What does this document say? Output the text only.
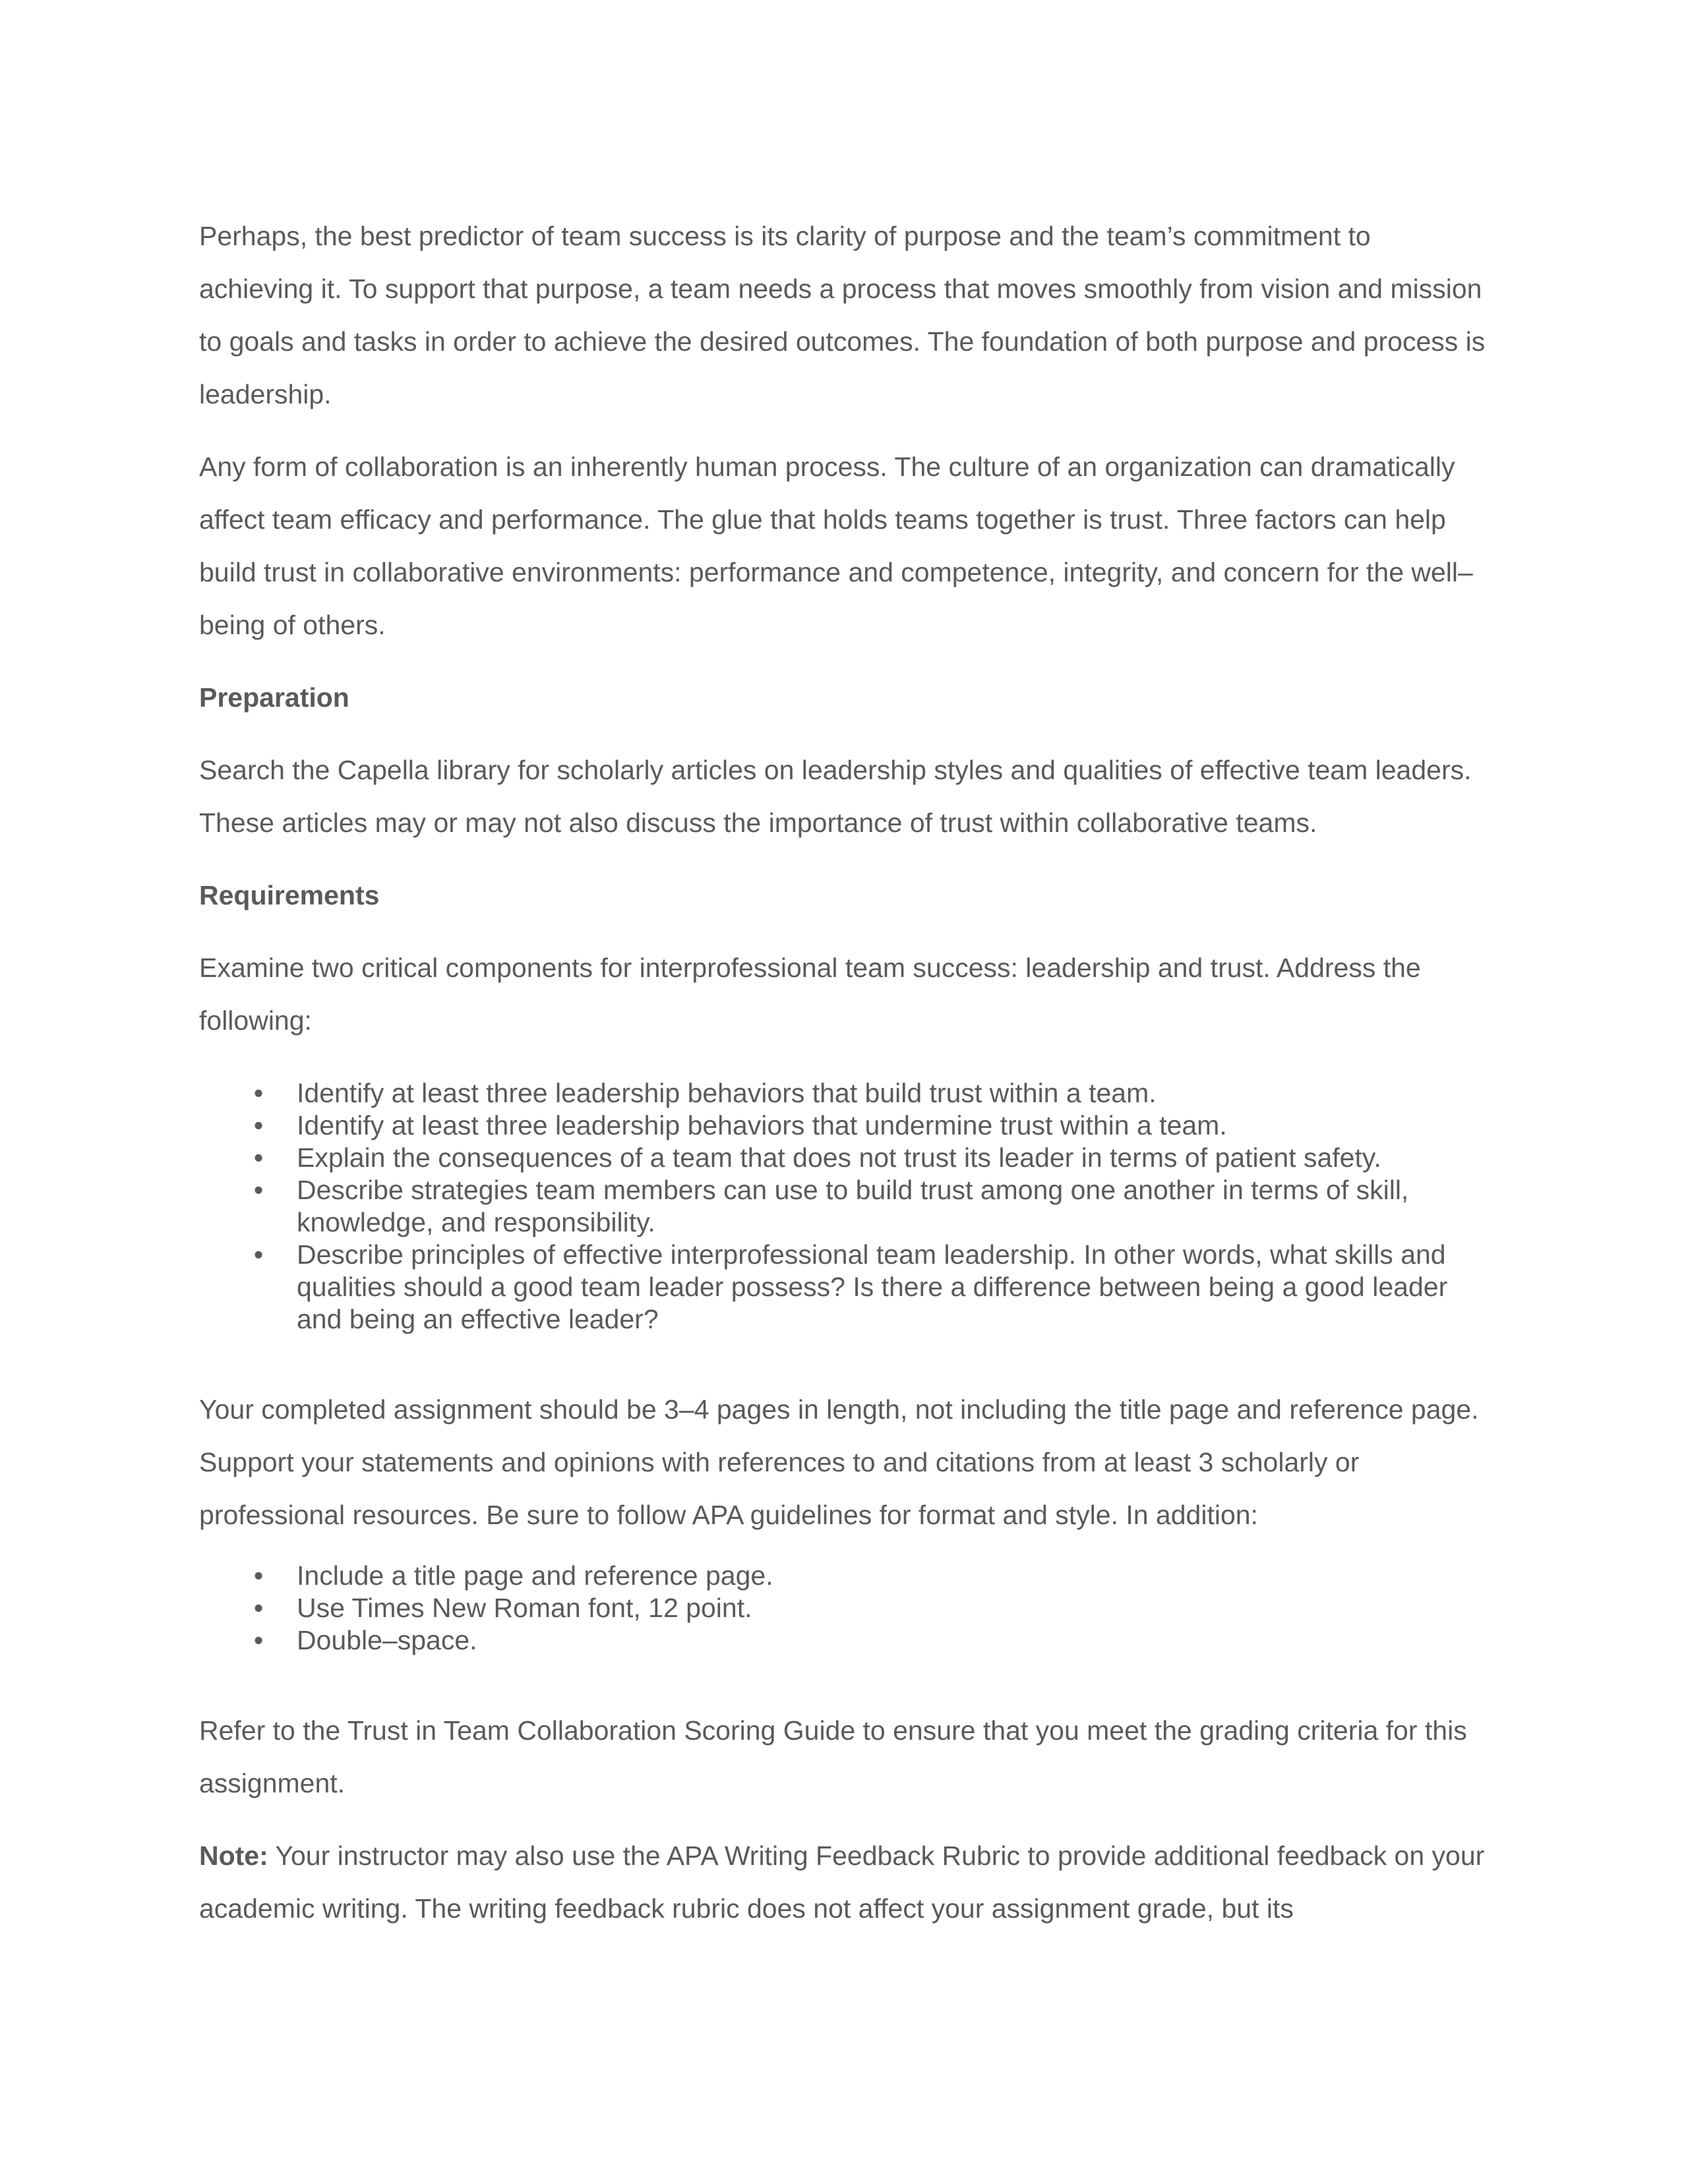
Perhaps, the best predictor of team success is its clarity of purpose and the team’s commitment to achieving it. To support that purpose, a team needs a process that moves smoothly from vision and mission to goals and tasks in order to achieve the desired outcomes. The foundation of both purpose and process is leadership.

Any form of collaboration is an inherently human process. The culture of an organization can dramatically affect team efficacy and performance. The glue that holds teams together is trust. Three factors can help build trust in collaborative environments: performance and competence, integrity, and concern for the well–being of others.

Preparation

Search the Capella library for scholarly articles on leadership styles and qualities of effective team leaders. These articles may or may not also discuss the importance of trust within collaborative teams.

Requirements

Examine two critical components for interprofessional team success: leadership and trust. Address the following:

•	Identify at least three leadership behaviors that build trust within a team.
•	Identify at least three leadership behaviors that undermine trust within a team.
•	Explain the consequences of a team that does not trust its leader in terms of patient safety.
•	Describe strategies team members can use to build trust among one another in terms of skill, knowledge, and responsibility.
•	Describe principles of effective interprofessional team leadership. In other words, what skills and qualities should a good team leader possess? Is there a difference between being a good leader and being an effective leader?

Your completed assignment should be 3–4 pages in length, not including the title page and reference page. Support your statements and opinions with references to and citations from at least 3 scholarly or professional resources. Be sure to follow APA guidelines for format and style. In addition:

•	Include a title page and reference page.
•	Use Times New Roman font, 12 point.
•	Double–space.

Refer to the Trust in Team Collaboration Scoring Guide to ensure that you meet the grading criteria for this assignment.

Note: Your instructor may also use the APA Writing Feedback Rubric to provide additional feedback on your academic writing. The writing feedback rubric does not affect your assignment grade, but its
